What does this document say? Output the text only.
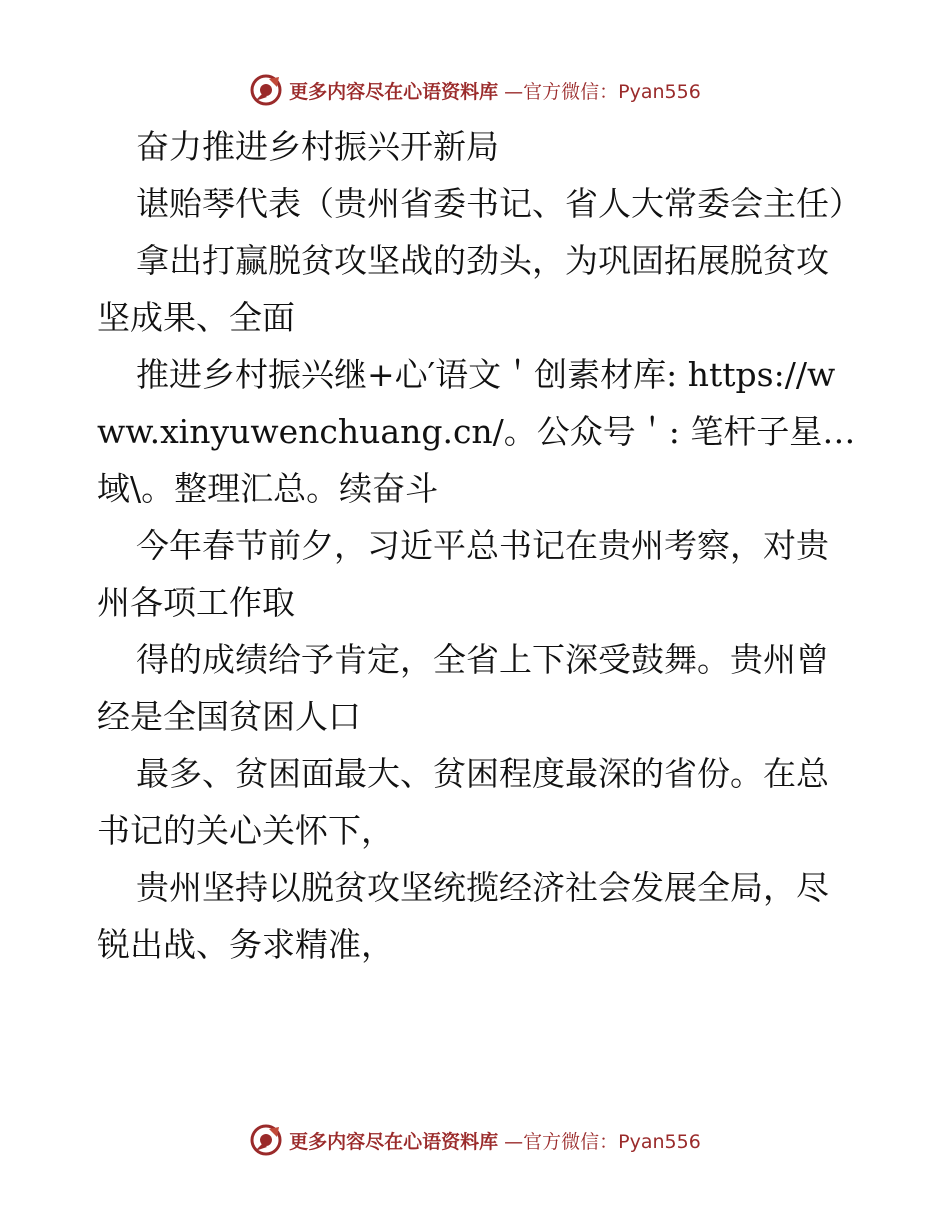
更多内容尽在心语资料库 —官方微信：Pyan556

奋力推进乡村振兴开新局

谌贻琴代表（贵州省委书记、省人大常委会主任）

拿出打赢脱贫攻坚战的劲头，为巩固拓展脱贫攻坚成果、全面

推进乡村振兴继+心′语文＇创素材库: https://www.xinyuwenchuang.cn/。公众号＇: 笔杆子星…域\。整理汇总。续奋斗

今年春节前夕，习近平总书记在贵州考察，对贵州各项工作取

得的成绩给予肯定，全省上下深受鼓舞。贵州曾经是全国贫困人口

最多、贫困面最大、贫困程度最深的省份。在总书记的关心关怀下，

贵州坚持以脱贫攻坚统揽经济社会发展全局，尽锐出战、务求精准，

更多内容尽在心语资料库 —官方微信：Pyan556
